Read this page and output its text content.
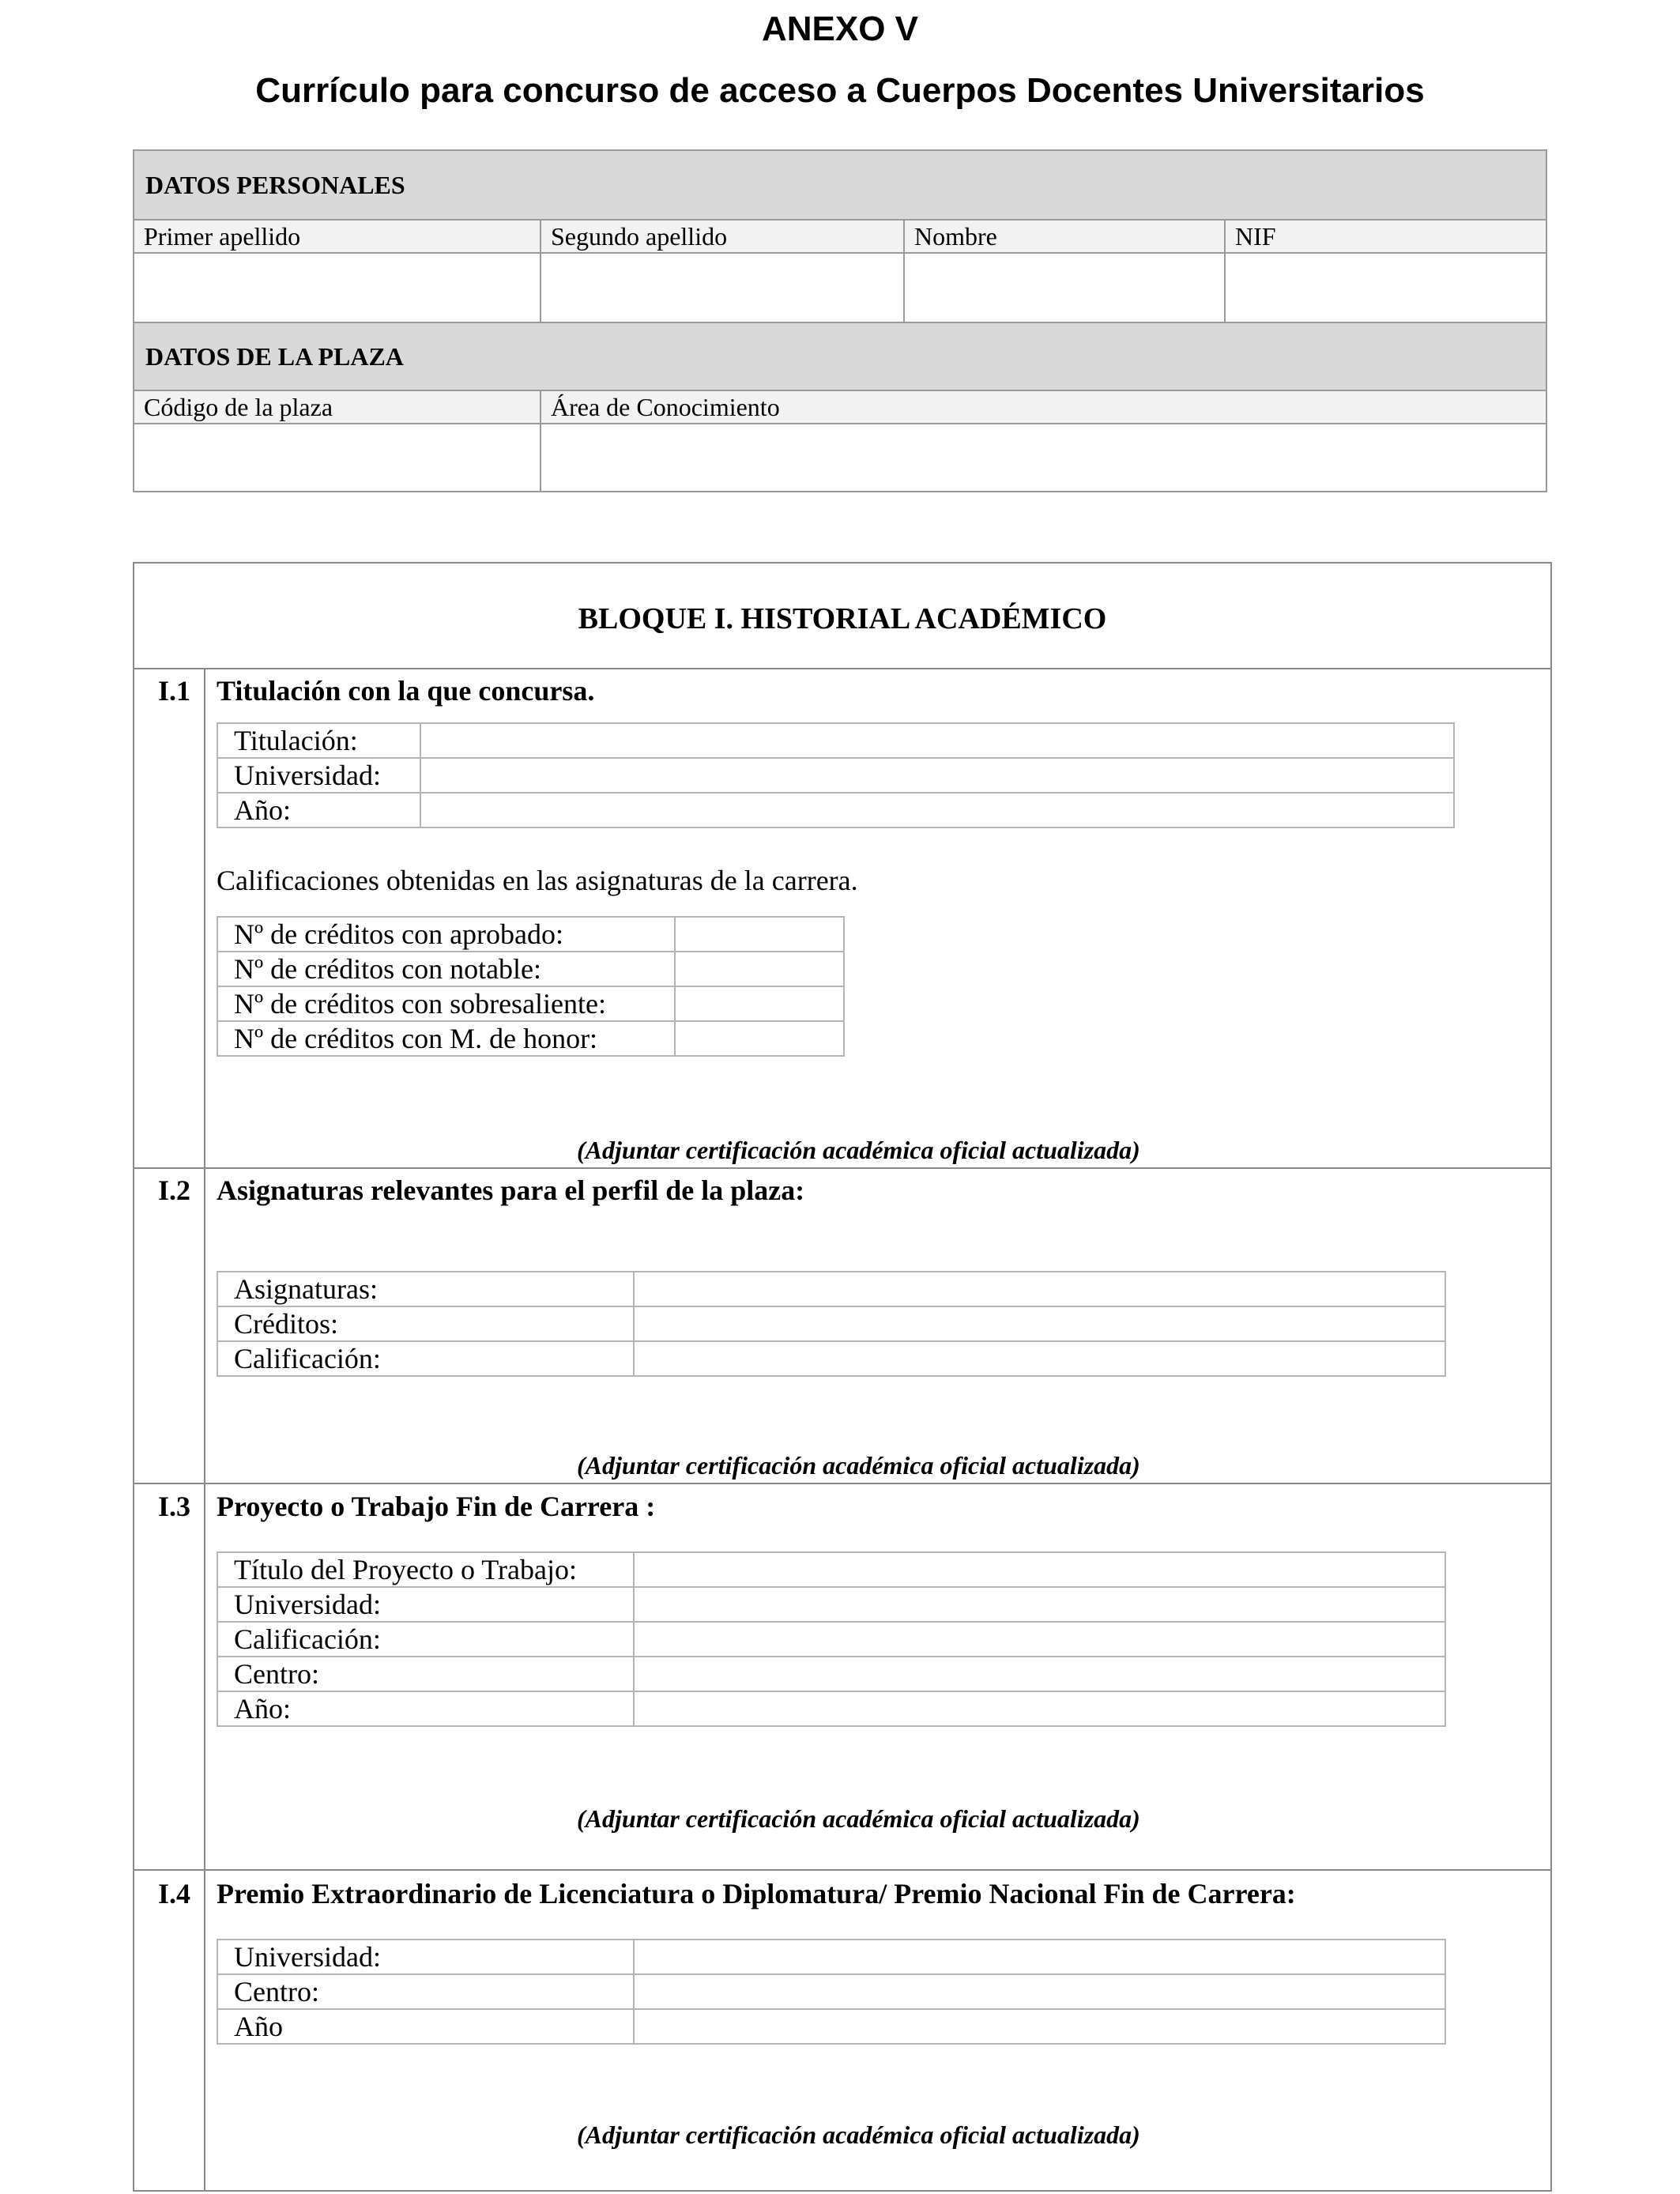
ANEXO V
Currículo para concurso de acceso a Cuerpos Docentes Universitarios
DATOS PERSONALES
Primer apellido	Segundo apellido	Nombre	NIF
DATOS DE LA PLAZA
Código de la plaza	Área de Conocimiento
BLOQUE I. HISTORIAL ACADÉMICO
I.1 Titulación con la que concursa.
Titulación:	
Universidad:	
Año:	
Calificaciones obtenidas en las asignaturas de la carrera.
Nº de créditos con aprobado:	
Nº de créditos con notable:	
Nº de créditos con sobresaliente:	
Nº de créditos con M. de honor:	
(Adjuntar certificación académica oficial actualizada)
I.2 Asignaturas relevantes para el perfil de la plaza:
Asignaturas:	
Créditos:	
Calificación:	
(Adjuntar certificación académica oficial actualizada)
I.3 Proyecto o Trabajo Fin de Carrera :
Título del Proyecto o Trabajo:	
Universidad:	
Calificación:	
Centro:	
Año:	
(Adjuntar certificación académica oficial actualizada)
I.4 Premio Extraordinario de Licenciatura o Diplomatura/ Premio Nacional Fin de Carrera:
Universidad:	
Centro:	
Año	
(Adjuntar certificación académica oficial actualizada)
